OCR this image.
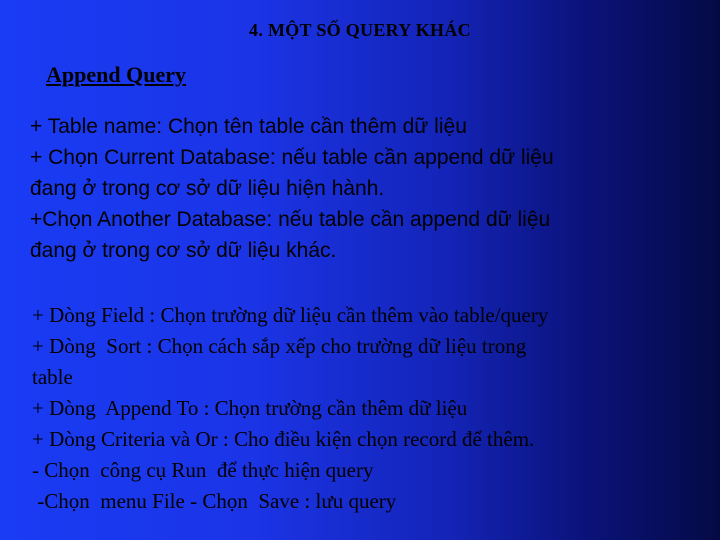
4. MỘT SỐ QUERY KHÁC
Append Query
+ Table name: Chọn tên table cần thêm dữ liệu
+ Chọn Current Database: nếu table cần append dữ liệu
đang ở trong cơ sở dữ liệu hiện hành.
+Chọn Another Database: nếu table cần append dữ liệu
đang ở trong cơ sở dữ liệu khác.
+ Dòng Field : Chọn trường dữ liệu cần thêm vào table/query
+ Dòng  Sort : Chọn cách sắp xếp cho trường dữ liệu trong
table
+ Dòng  Append To : Chọn trường cần thêm dữ liệu
+ Dòng Criteria và Or : Cho điều kiện chọn record để thêm.
- Chọn  công cụ Run  để thực hiện query
-Chọn  menu File - Chọn  Save : lưu query
